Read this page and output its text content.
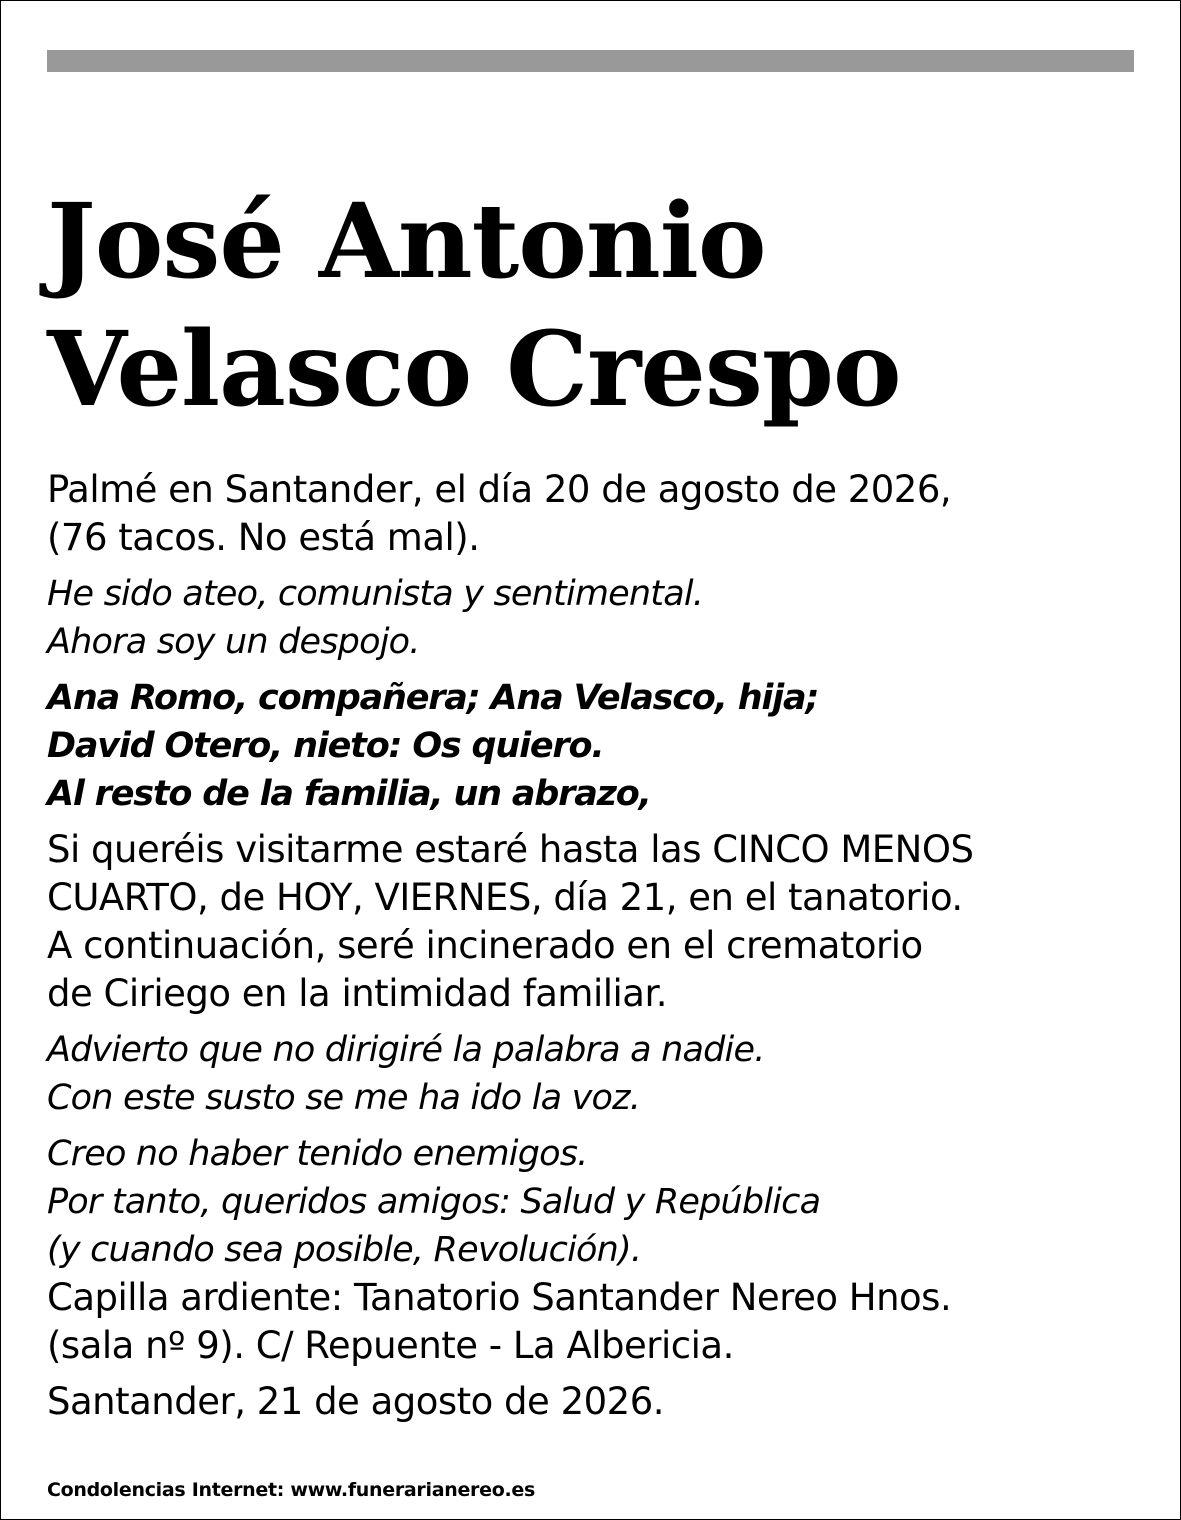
José Antonio
Velasco Crespo

Palmé en Santander, el día 20 de agosto de 2026,
(76 tacos. No está mal).

He sido ateo, comunista y sentimental.
Ahora soy un despojo.

Ana Romo, compañera; Ana Velasco, hija;
David Otero, nieto: Os quiero.
Al resto de la familia, un abrazo,

Si queréis visitarme estaré hasta las CINCO MENOS
CUARTO, de HOY, VIERNES, día 21, en el tanatorio.
A continuación, seré incinerado en el crematorio
de Ciriego en la intimidad familiar.

Advierto que no dirigiré la palabra a nadie.
Con este susto se me ha ido la voz.

Creo no haber tenido enemigos.
Por tanto, queridos amigos: Salud y República
(y cuando sea posible, Revolución).

Capilla ardiente: Tanatorio Santander Nereo Hnos.
(sala nº 9). C/ Repuente - La Albericia.

Santander, 21 de agosto de 2026.

Condolencias Internet: www.funerarianereo.es
